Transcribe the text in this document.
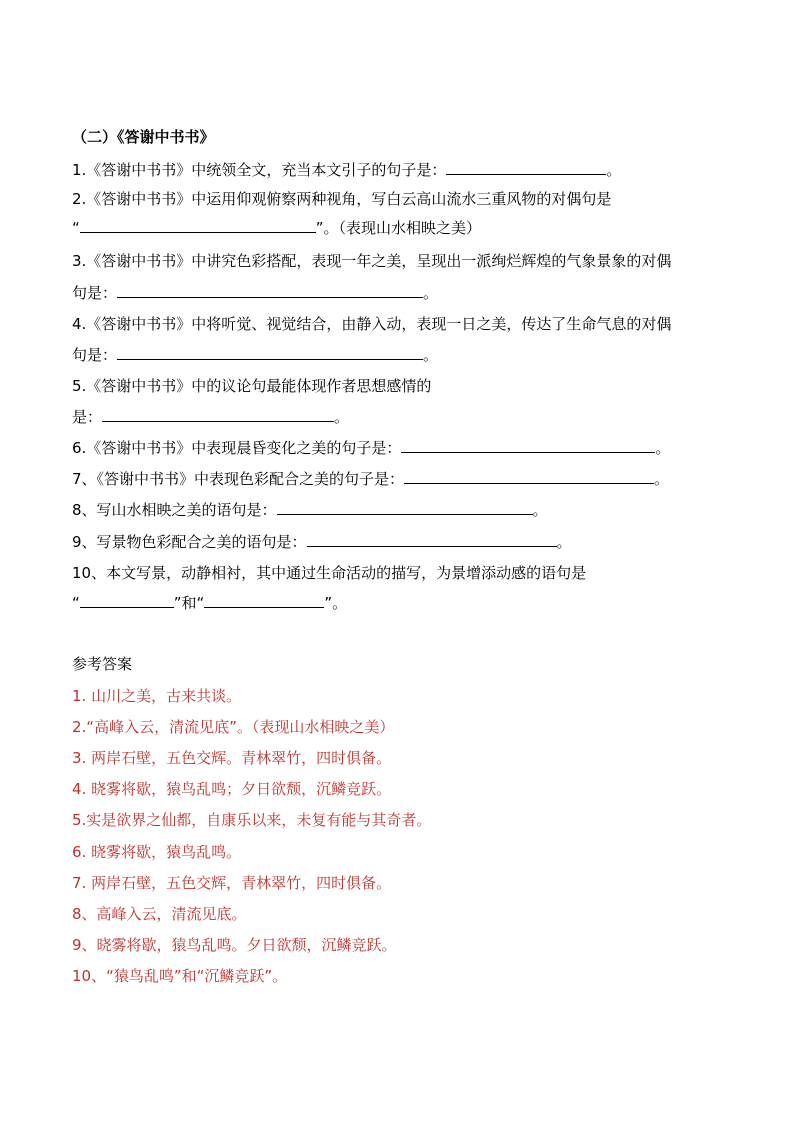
（二）《答谢中书书》
1.《答谢中书书》中统领全文，充当本文引子的句子是：	。
2.《答谢中书书》中运用仰观俯察两种视角，写白云高山流水三重风物的对偶句是
“	”。（表现山水相映之美）
3.《答谢中书书》中讲究色彩搭配，表现一年之美，呈现出一派绚烂辉煌的气象景象的对偶
句是：	。
4.《答谢中书书》中将听觉、视觉结合，由静入动，表现一日之美，传达了生命气息的对偶
句是：	。
5.《答谢中书书》中的议论句最能体现作者思想感情的
是：	。
6.《答谢中书书》中表现晨昏变化之美的句子是：	。
7、《答谢中书书》中表现色彩配合之美的句子是：	。
8、写山水相映之美的语句是：	。
9、写景物色彩配合之美的语句是：	。
10、本文写景，动静相衬，其中通过生命活动的描写，为景增添动感的语句是
“	”和“	”。
参考答案
1. 山川之美，古来共谈。
2.“高峰入云，清流见底”。（表现山水相映之美）
3. 两岸石壁，五色交辉。青林翠竹，四时俱备。
4. 晓雾将歇，猿鸟乱鸣；夕日欲颓，沉鳞竞跃。
5.实是欲界之仙都，自康乐以来，未复有能与其奇者。
6. 晓雾将歇，猿鸟乱鸣。
7. 两岸石壁，五色交辉，青林翠竹，四时俱备。
8、高峰入云，清流见底。
9、晓雾将歇，猿鸟乱鸣。夕日欲颓，沉鳞竞跃。
10、“猿鸟乱鸣”和“沉鳞竞跃”。
